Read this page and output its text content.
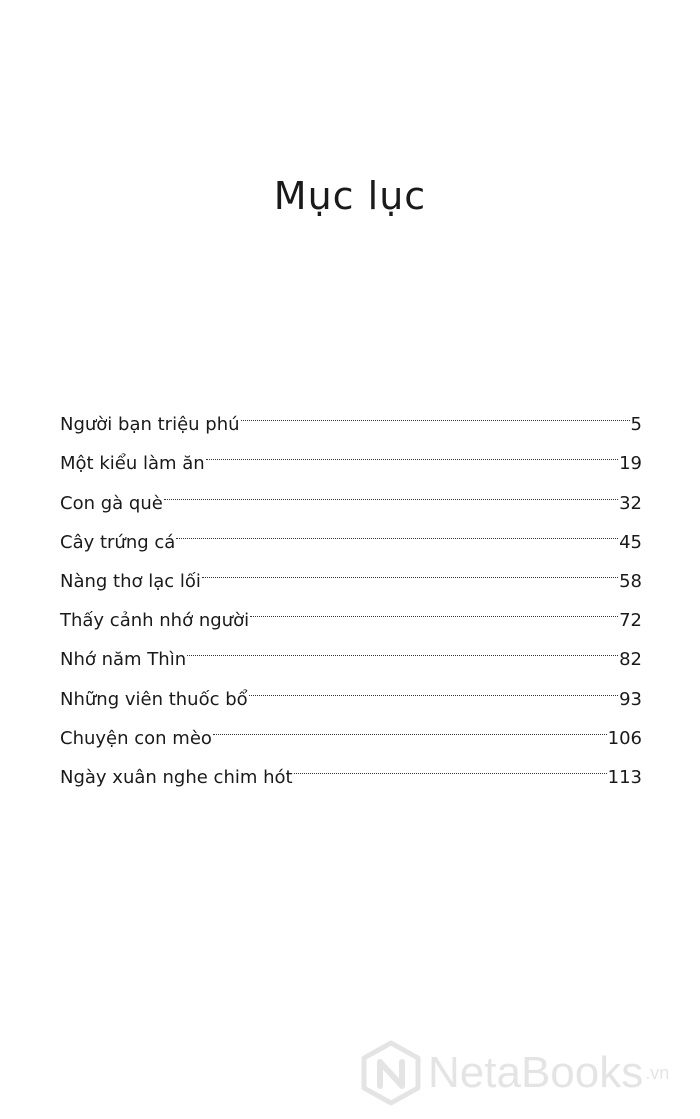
Mục lục
Người bạn triệu phú	5
Một kiểu làm ăn	19
Con gà què	32
Cây trứng cá	45
Nàng thơ lạc lối	58
Thấy cảnh nhớ người	72
Nhớ năm Thìn	82
Những viên thuốc bổ	93
Chuyện con mèo	106
Ngày xuân nghe chim hót	113
NetaBooks .vn
